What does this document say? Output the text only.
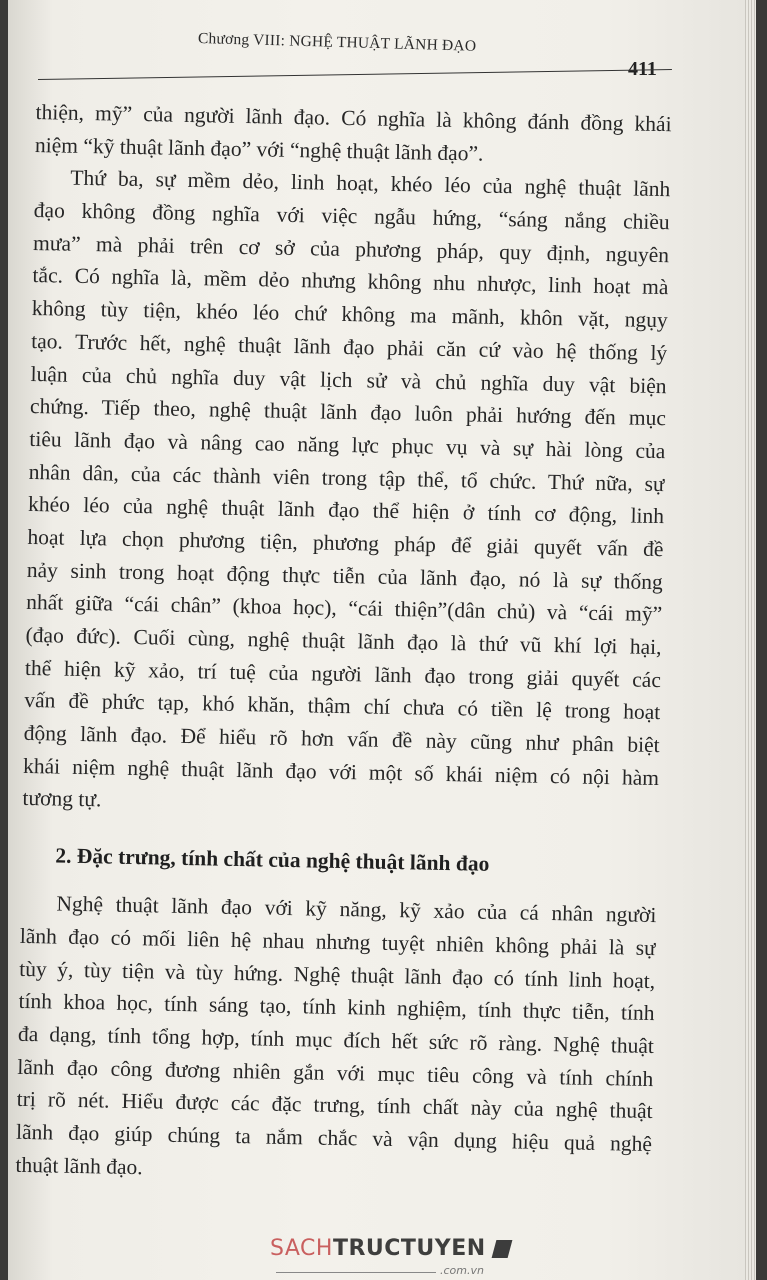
Chương VIII: NGHỆ THUẬT LÃNH ĐẠO
411
thiện, mỹ” của người lãnh đạo. Có nghĩa là không đánh đồng khái
niệm “kỹ thuật lãnh đạo” với “nghệ thuật lãnh đạo”.
Thứ ba, sự mềm dẻo, linh hoạt, khéo léo của nghệ thuật lãnh
đạo không đồng nghĩa với việc ngẫu hứng, “sáng nắng chiều
mưa” mà phải trên cơ sở của phương pháp, quy định, nguyên
tắc. Có nghĩa là, mềm dẻo nhưng không nhu nhược, linh hoạt mà
không tùy tiện, khéo léo chứ không ma mãnh, khôn vặt, ngụy
tạo. Trước hết, nghệ thuật lãnh đạo phải căn cứ vào hệ thống lý
luận của chủ nghĩa duy vật lịch sử và chủ nghĩa duy vật biện
chứng. Tiếp theo, nghệ thuật lãnh đạo luôn phải hướng đến mục
tiêu lãnh đạo và nâng cao năng lực phục vụ và sự hài lòng của
nhân dân, của các thành viên trong tập thể, tổ chức. Thứ nữa, sự
khéo léo của nghệ thuật lãnh đạo thể hiện ở tính cơ động, linh
hoạt lựa chọn phương tiện, phương pháp để giải quyết vấn đề
nảy sinh trong hoạt động thực tiễn của lãnh đạo, nó là sự thống
nhất giữa “cái chân” (khoa học), “cái thiện”(dân chủ) và “cái mỹ”
(đạo đức). Cuối cùng, nghệ thuật lãnh đạo là thứ vũ khí lợi hại,
thể hiện kỹ xảo, trí tuệ của người lãnh đạo trong giải quyết các
vấn đề phức tạp, khó khăn, thậm chí chưa có tiền lệ trong hoạt
động lãnh đạo. Để hiểu rõ hơn vấn đề này cũng như phân biệt
khái niệm nghệ thuật lãnh đạo với một số khái niệm có nội hàm
tương tự.
2. Đặc trưng, tính chất của nghệ thuật lãnh đạo
Nghệ thuật lãnh đạo với kỹ năng, kỹ xảo của cá nhân người
lãnh đạo có mối liên hệ nhau nhưng tuyệt nhiên không phải là sự
tùy ý, tùy tiện và tùy hứng. Nghệ thuật lãnh đạo có tính linh hoạt,
tính khoa học, tính sáng tạo, tính kinh nghiệm, tính thực tiễn, tính
đa dạng, tính tổng hợp, tính mục đích hết sức rõ ràng. Nghệ thuật
lãnh đạo công đương nhiên gắn với mục tiêu công và tính chính
trị rõ nét. Hiểu được các đặc trưng, tính chất này của nghệ thuật
lãnh đạo giúp chúng ta nắm chắc và vận dụng hiệu quả nghệ
thuật lãnh đạo.
SACHTRUCTUYEN
.com.vn
